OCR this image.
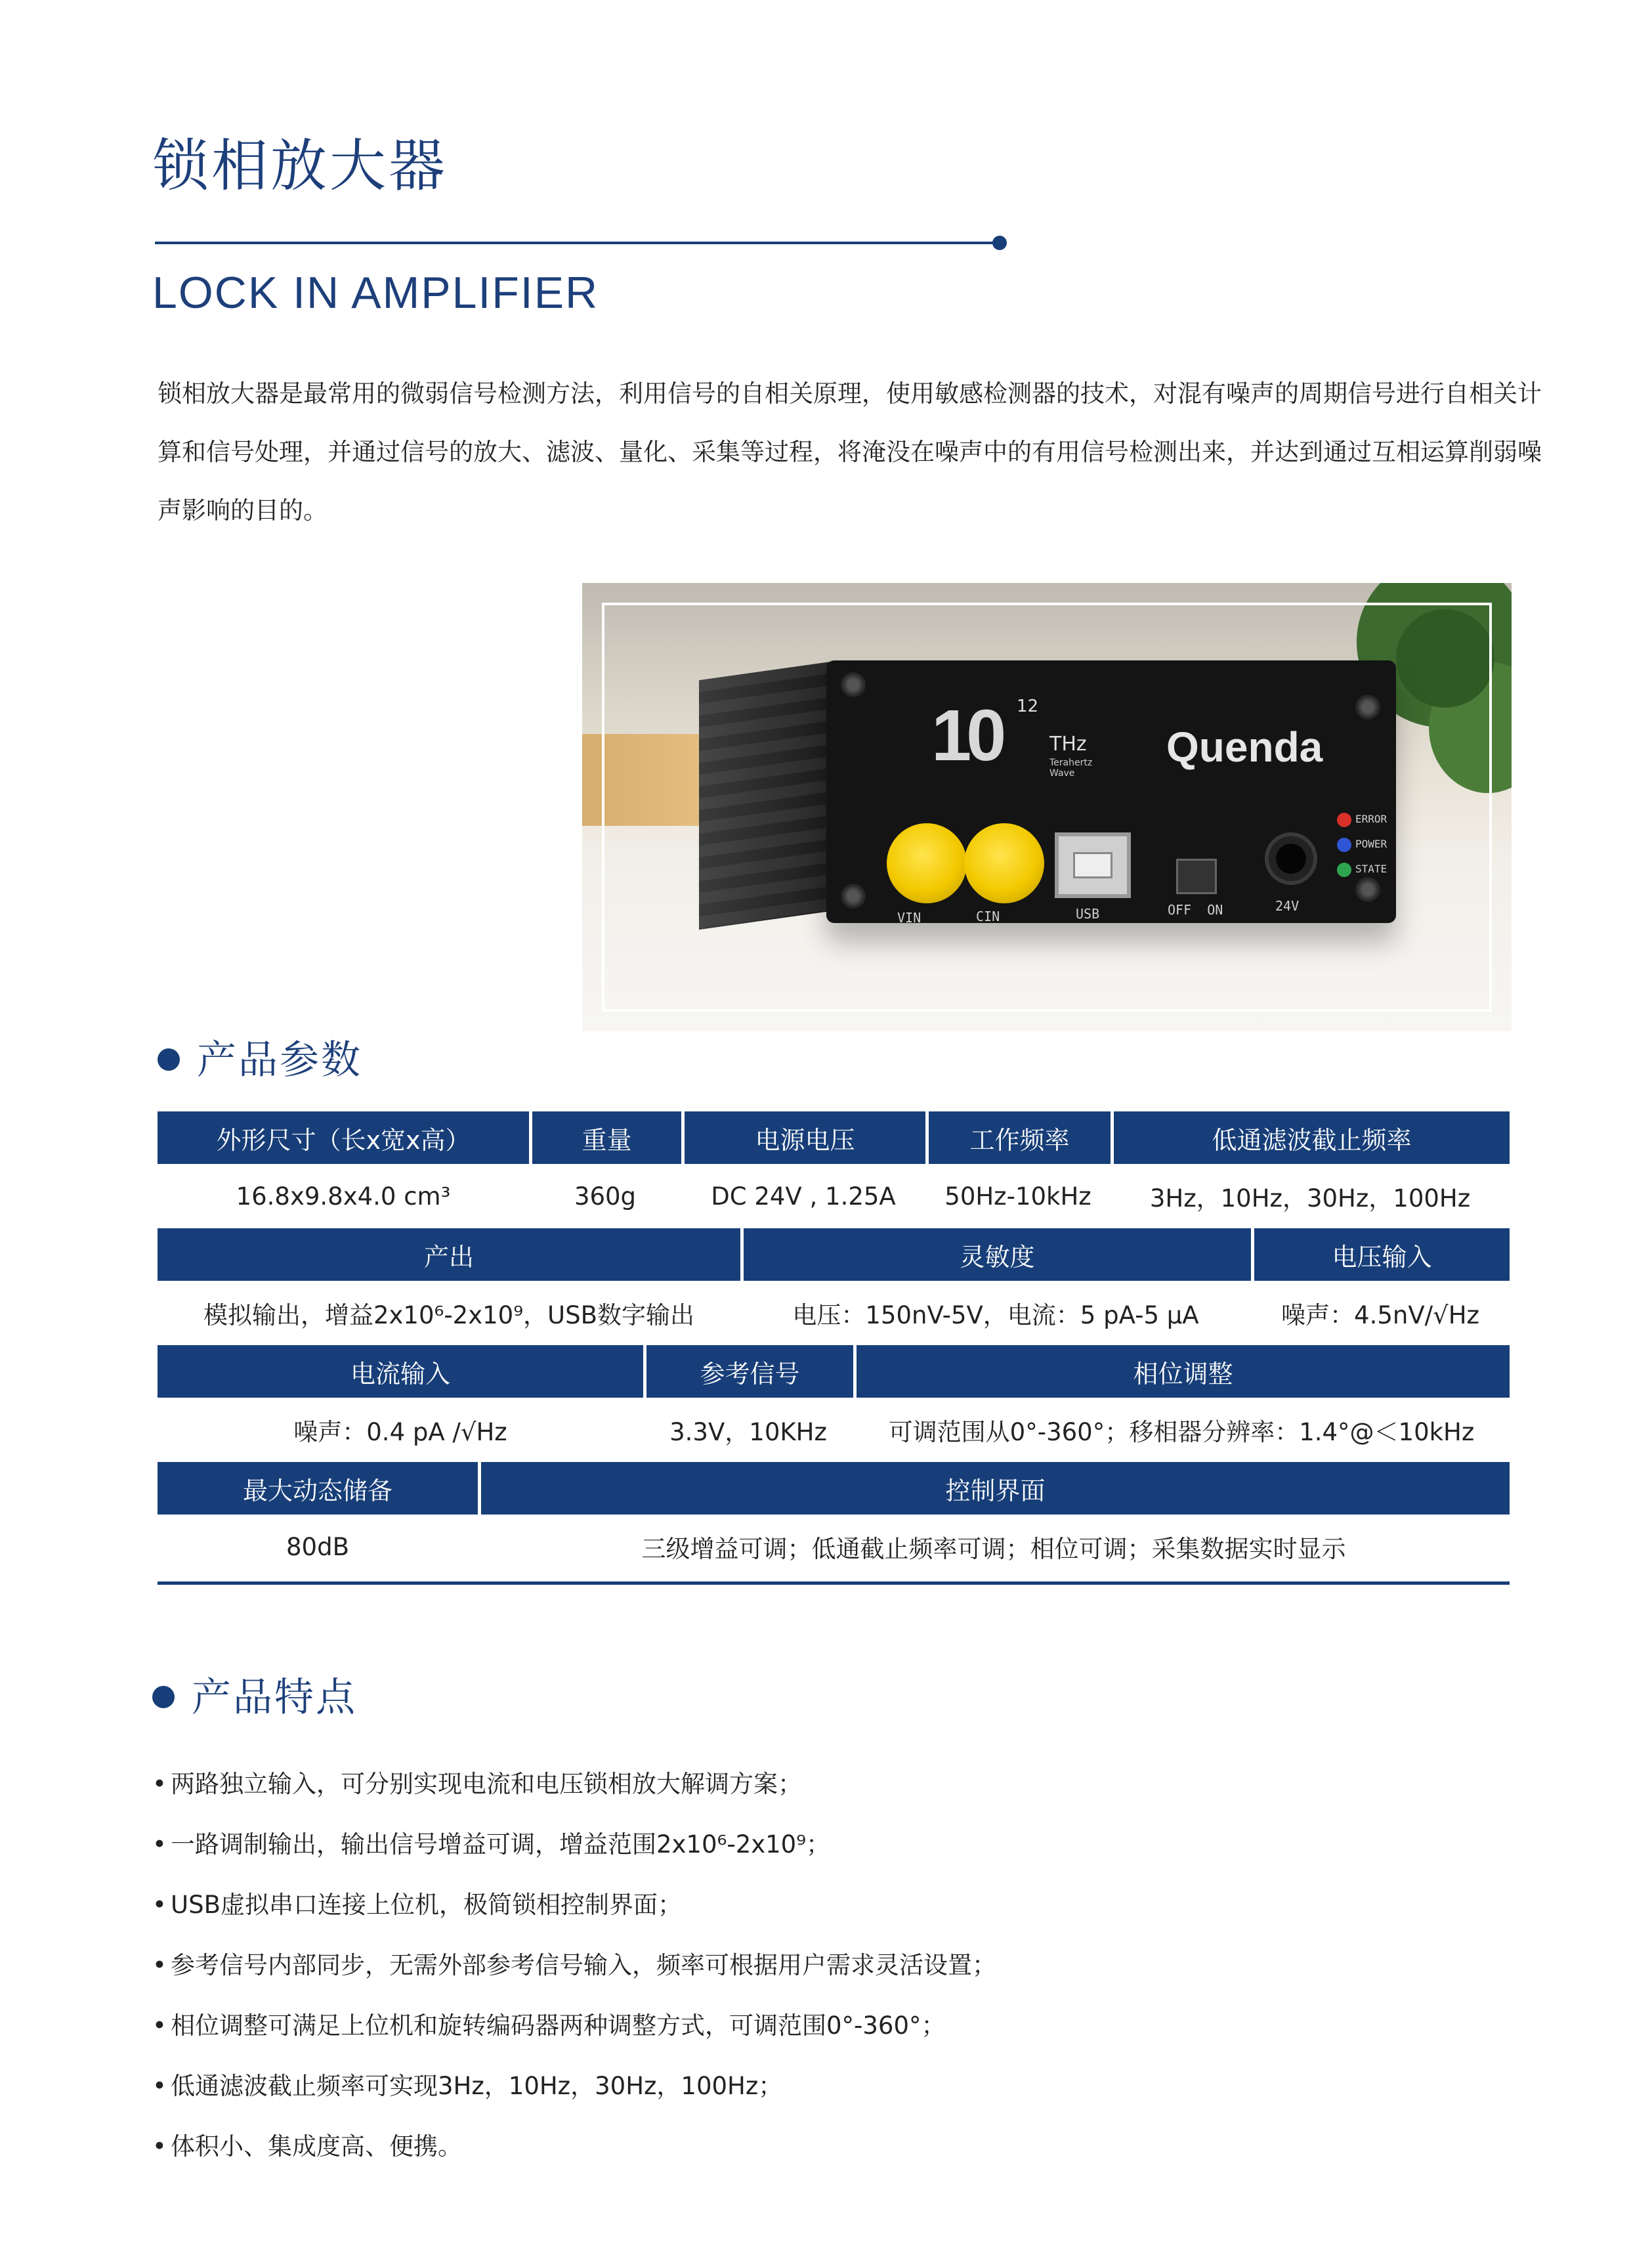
锁相放大器
LOCK IN AMPLIFIER
锁相放大器是最常用的微弱信号检测方法，利用信号的自相关原理，使用敏感检测器的技术，对混有噪声的周期信号进行自相关计算和信号处理，并通过信号的放大、滤波、量化、采集等过程，将淹没在噪声中的有用信号检测出来，并达到通过互相运算削弱噪声影响的目的。
10 12
THz
Terahertz
Wave
Quenda
VIN	CIN	USB	OFF  ON	24V
ERROR
POWER
STATE
产品参数
外形尺寸（长x宽x高）	重量	电源电压	工作频率	低通滤波截止频率
16.8x9.8x4.0 cm³	360g	DC 24V , 1.25A	50Hz-10kHz	3Hz，10Hz，30Hz，100Hz
产出	灵敏度	电压输入
模拟输出，增益2x10⁶-2x10⁹，USB数字输出	电压：150nV-5V，电流：5 pA-5 μA	噪声：4.5nV/√Hz
电流输入	参考信号	相位调整
噪声：0.4 pA /√Hz	3.3V，10KHz	可调范围从0°-360°；移相器分辨率：1.4°@＜10kHz
最大动态储备	控制界面
80dB	三级增益可调；低通截止频率可调；相位可调；采集数据实时显示
产品特点
• 两路独立输入，可分别实现电流和电压锁相放大解调方案；
• 一路调制输出，输出信号增益可调，增益范围2x10⁶-2x10⁹；
• USB虚拟串口连接上位机，极简锁相控制界面；
• 参考信号内部同步，无需外部参考信号输入，频率可根据用户需求灵活设置；
• 相位调整可满足上位机和旋转编码器两种调整方式，可调范围0°-360°；
• 低通滤波截止频率可实现3Hz，10Hz，30Hz，100Hz；
• 体积小、集成度高、便携。
